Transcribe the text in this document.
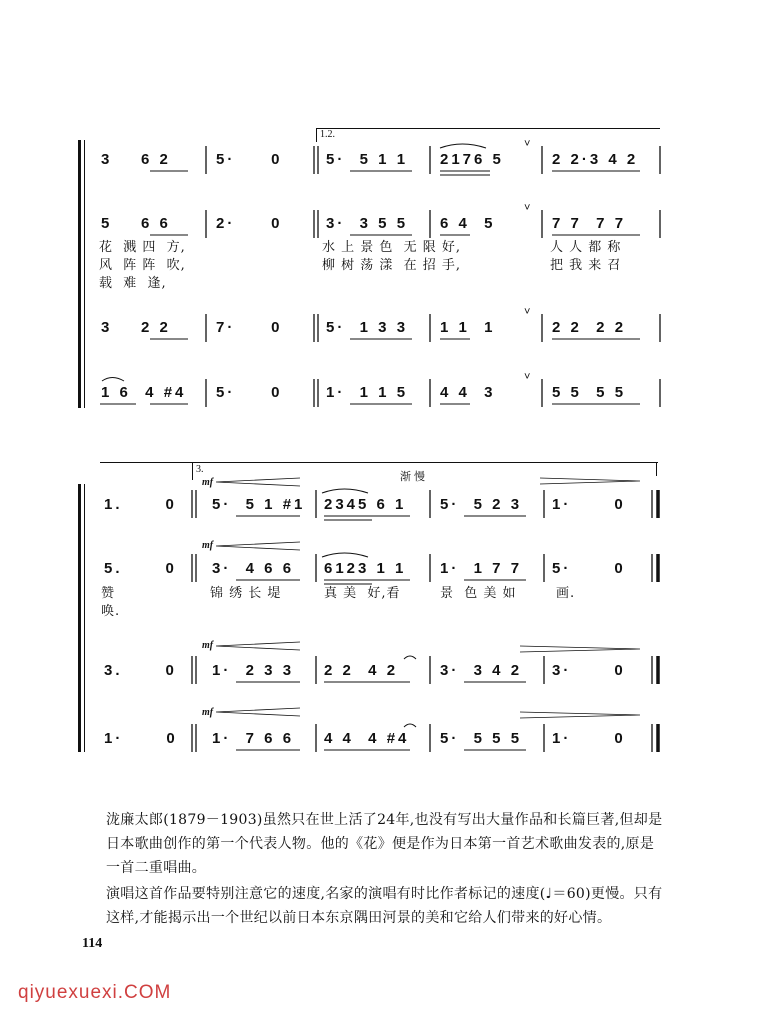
1.2.
3    6 2	5·     0	5·  5 1 1 2176 5	2 2·3 4 2
5    6 6	2·     0	3·  3 5 5 6 4  5	7 7  7 7
花  溅 四  方,	水 上 景 色  无 限 好,	人 人 都 称
风  阵 阵  吹,	柳 树 荡 漾  在 招 手,	把 我 来 召
载  难  逢,
3    2 2	7·     0	5·  1 3 3 1 1  1	2 2  2 2
1 6  4 #4 5·     0	1·  1 1 5 4 4  3	5 5  5 5
3.
渐慢
mf
mf
mf
mf
1.      0 5·  5 1 #1 2345 6 1 5·  5 2 3 1·      0
5.      0 3·  4 6 6 6123 1 1 1·  1 7 7 5·      0
赞	锦 绣 长 堤	真 美  好,看	景  色 美 如	画.
唤.
3.      0 1·  2 3 3 2 2  4 2	3·  3 4 2 3·      0
1·      0 1·  7 6 6 4 4  4 #4 5·  5 5 5 1·      0
˅
˅
˅
˅
泷廉太郎(1879－1903)虽然只在世上活了24年,也没有写出大量作品和长篇巨著,但却是日本歌曲创作的第一个代表人物。他的《花》便是作为日本第一首艺术歌曲发表的,原是一首二重唱曲。
演唱这首作品要特别注意它的速度,名家的演唱有时比作者标记的速度(♩＝60)更慢。只有这样,才能揭示出一个世纪以前日本东京隅田河景的美和它给人们带来的好心情。
114
qiyuexuexi.COM
